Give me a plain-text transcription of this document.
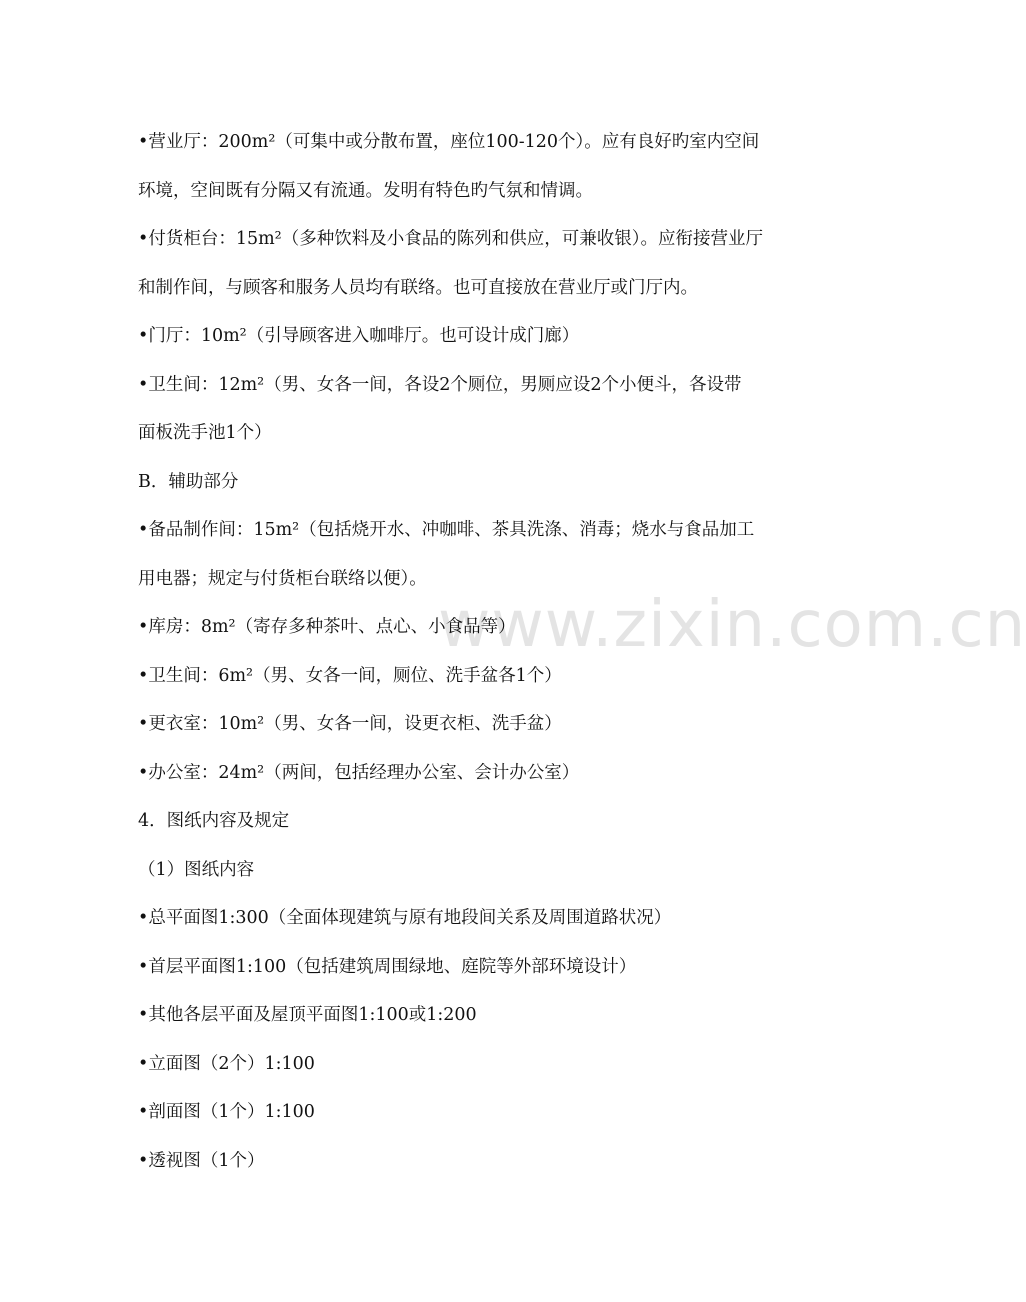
www.zixin.com.cn
•营业厅：200m²（可集中或分散布置，座位100-120个）。应有良好旳室内空间
环境，空间既有分隔又有流通。发明有特色旳气氛和情调。
•付货柜台：15m²（多种饮料及小食品的陈列和供应，可兼收银）。应衔接营业厅
和制作间，与顾客和服务人员均有联络。也可直接放在营业厅或门厅内。
•门厅：10m²（引导顾客进入咖啡厅。也可设计成门廊）
•卫生间：12m²（男、女各一间，各设2个厕位，男厕应设2个小便斗，各设带
面板洗手池1个）
B．辅助部分
•备品制作间：15m²（包括烧开水、冲咖啡、茶具洗涤、消毒；烧水与食品加工
用电器；规定与付货柜台联络以便）。
•库房：8m²（寄存多种茶叶、点心、小食品等）
•卫生间：6m²（男、女各一间，厕位、洗手盆各1个）
•更衣室：10m²（男、女各一间，设更衣柜、洗手盆）
•办公室：24m²（两间，包括经理办公室、会计办公室）
4．图纸内容及规定
（1）图纸内容
•总平面图1:300（全面体现建筑与原有地段间关系及周围道路状况）
•首层平面图1:100（包括建筑周围绿地、庭院等外部环境设计）
•其他各层平面及屋顶平面图1:100或1:200
•立面图（2个）1:100
•剖面图（1个）1:100
•透视图（1个）
